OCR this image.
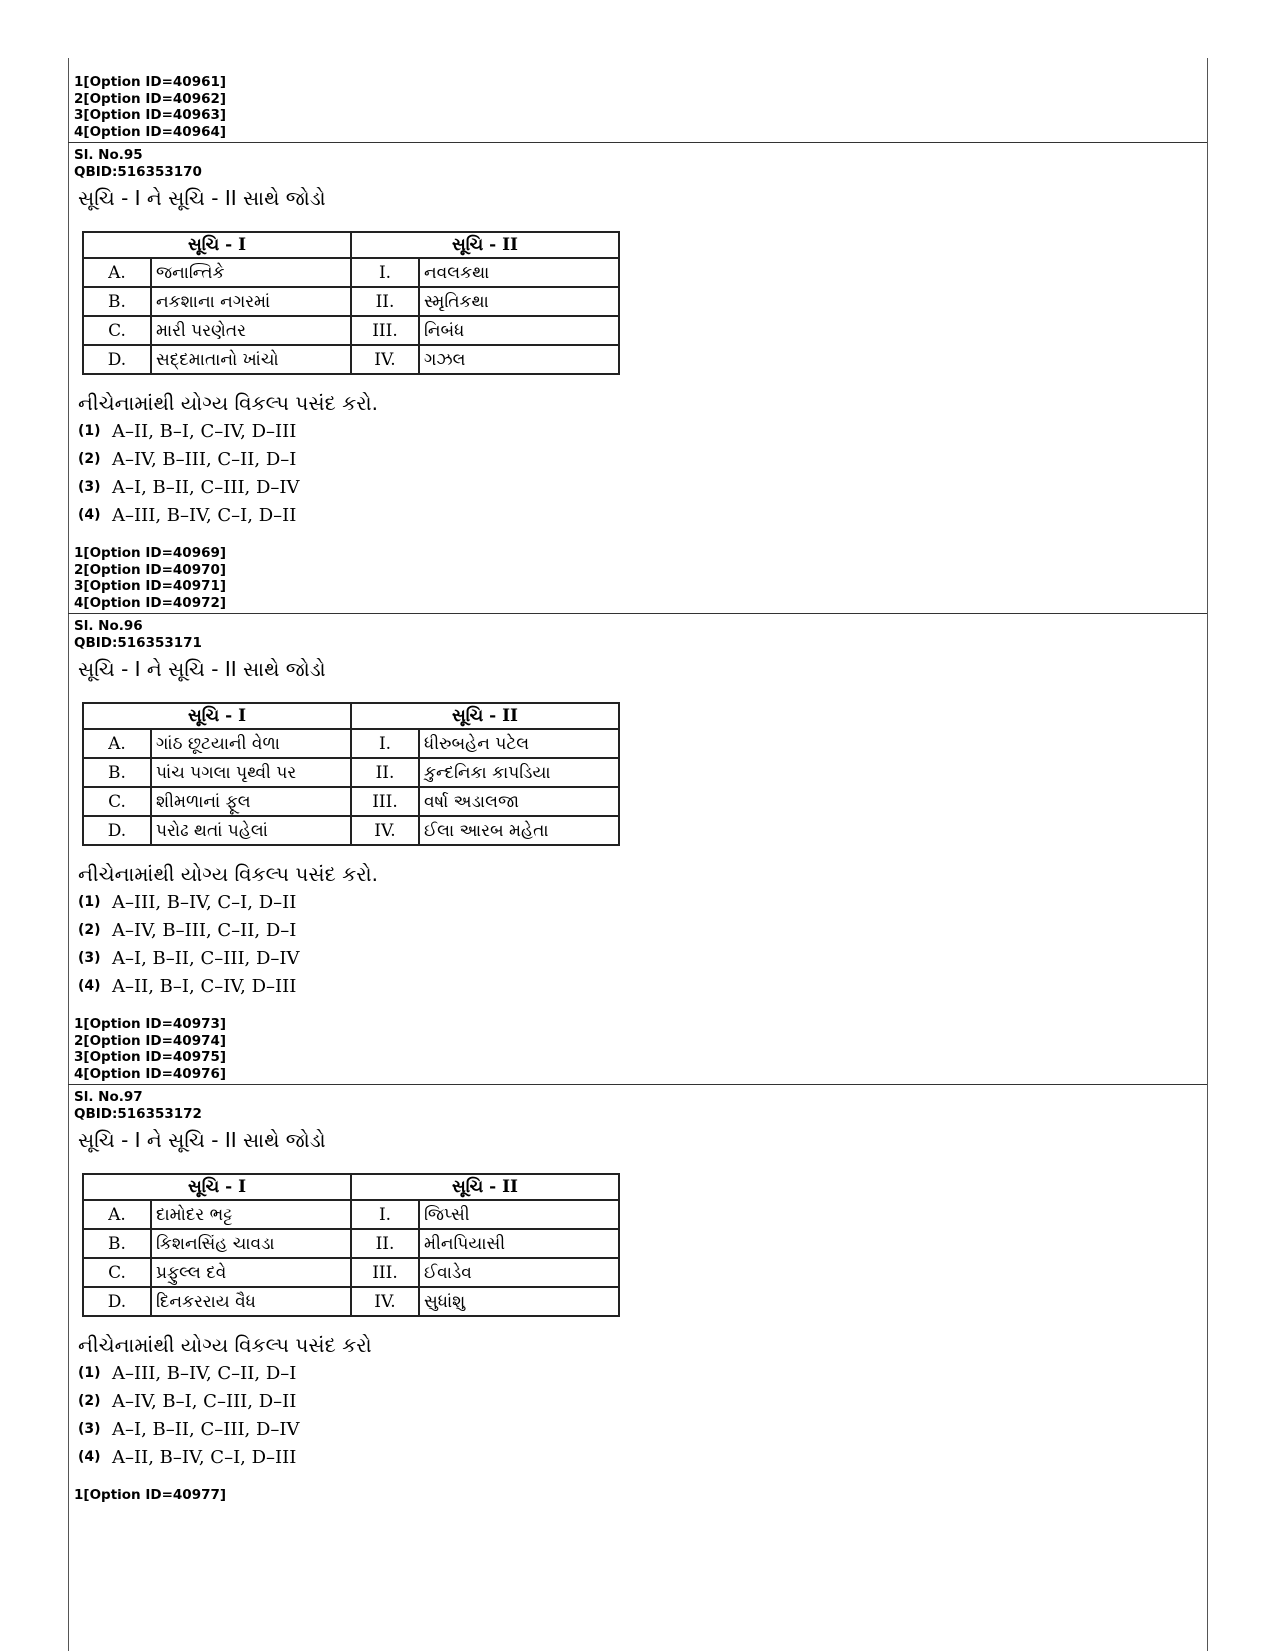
1[Option ID=40961]
2[Option ID=40962]
3[Option ID=40963]
4[Option ID=40964]
Sl. No.95
QBID:516353170
સૂચિ - I ને સૂચિ - II સાથે જોડો
સૂચિ - I		સૂચિ - II	
A.	જનાન્તિકે	I.	નવલકથા
B.	નકશાના નગરમાં	II.	સ્મૃતિકથા
C.	મારી પરણેતર	III.	નિબંધ
D.	સદ્દમાતાનો ખાંચો	IV.	ગઝલ
નીચેનામાંથી યોગ્ય વિકલ્પ પસંદ કરો.
(1) A–II, B–I, C–IV, D–III
(2) A–IV, B–III, C–II, D–I
(3) A–I, B–II, C–III, D–IV
(4) A–III, B–IV, C–I, D–II
1[Option ID=40969]
2[Option ID=40970]
3[Option ID=40971]
4[Option ID=40972]
Sl. No.96
QBID:516353171
સૂચિ - I ને સૂચિ - II સાથે જોડો
સૂચિ - I		સૂચિ - II	
A.	ગાંઠ છૂટયાની વેળા	I.	ધીરુબહેન પટેલ
B.	પાંચ પગલા પૃથ્વી પર	II.	કુન્દનિકા કાપડિયા
C.	શીમળાનાં ફૂલ	III.	વર્ષા અડાલજા
D.	પરોઢ થતાં પહેલાં	IV.	ઈલા આરબ મહેતા
નીચેનામાંથી યોગ્ય વિકલ્પ પસંદ કરો.
(1) A–III, B–IV, C–I, D–II
(2) A–IV, B–III, C–II, D–I
(3) A–I, B–II, C–III, D–IV
(4) A–II, B–I, C–IV, D–III
1[Option ID=40973]
2[Option ID=40974]
3[Option ID=40975]
4[Option ID=40976]
Sl. No.97
QBID:516353172
સૂચિ - I ને સૂચિ - II સાથે જોડો
સૂચિ - I		સૂચિ - II	
A.	દામોદર ભટ્ટ	I.	જિપ્સી
B.	કિશનસિંહ ચાવડા	II.	મીનપિયાસી
C.	પ્રફુલ્લ દવે	III.	ઈવાડેવ
D.	દિનકરરાય વૈધ	IV.	સુધાંશુ
નીચેનામાંથી યોગ્ય વિકલ્પ પસંદ કરો
(1) A–III, B–IV, C–II, D–I
(2) A–IV, B–I, C–III, D–II
(3) A–I, B–II, C–III, D–IV
(4) A–II, B–IV, C–I, D–III
1[Option ID=40977]
